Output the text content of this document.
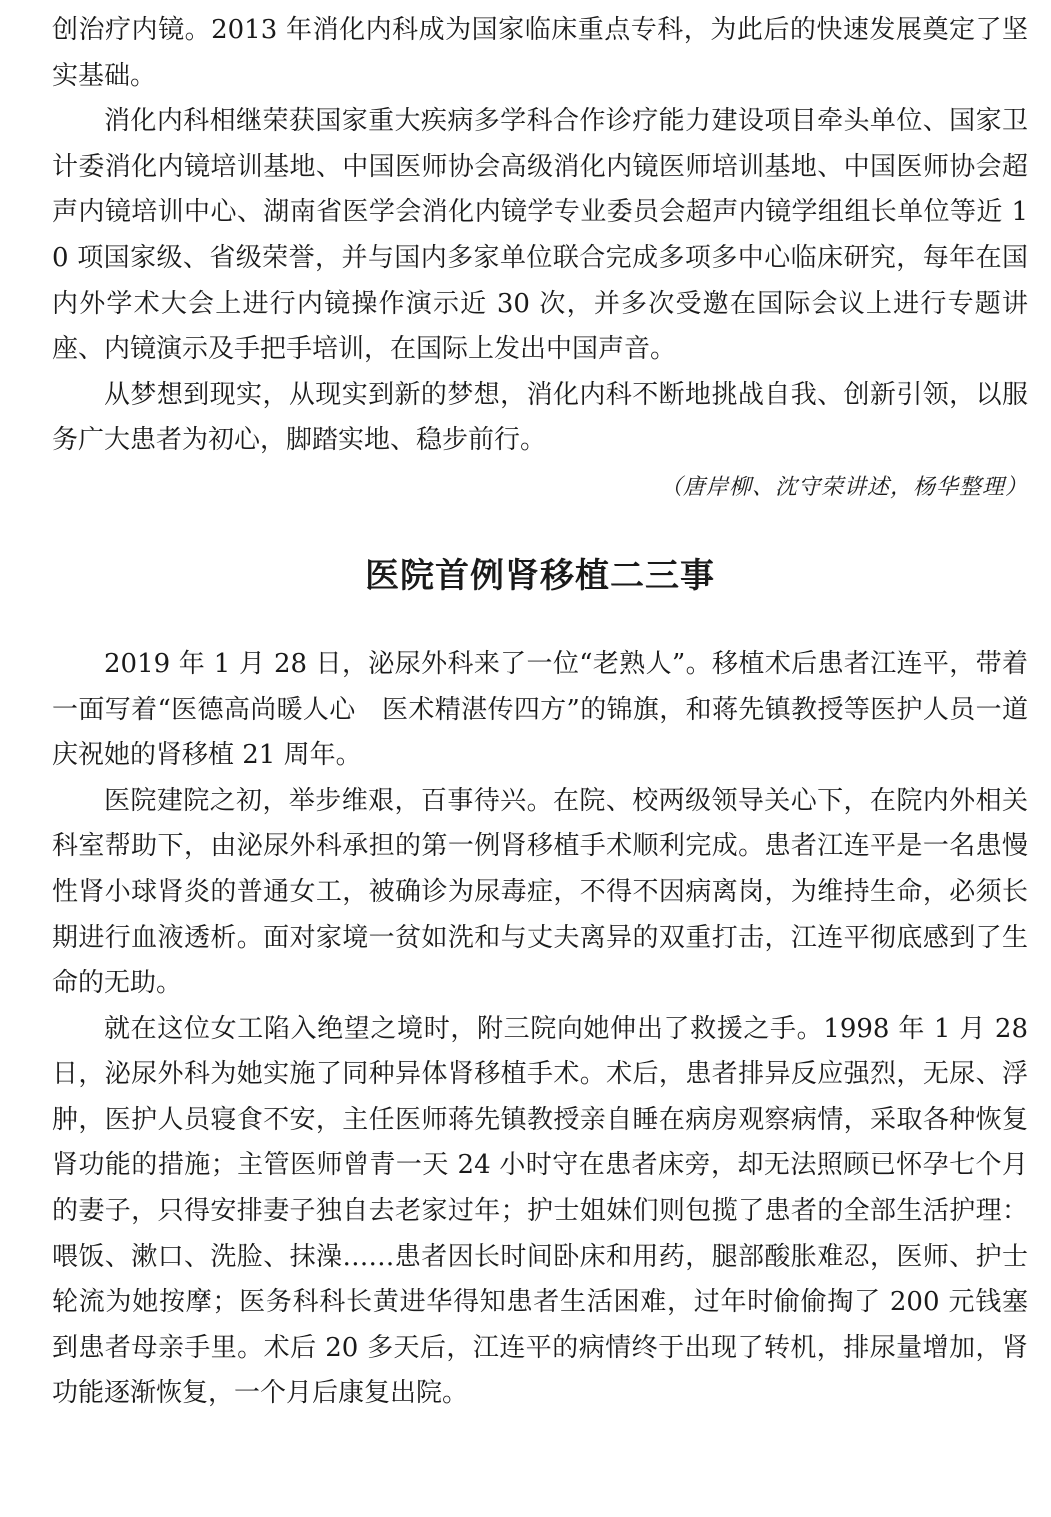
创治疗内镜。2013 年消化内科成为国家临床重点专科，为此后的快速发展奠定了坚实基础。

消化内科相继荣获国家重大疾病多学科合作诊疗能力建设项目牵头单位、国家卫计委消化内镜培训基地、中国医师协会高级消化内镜医师培训基地、中国医师协会超声内镜培训中心、湖南省医学会消化内镜学专业委员会超声内镜学组组长单位等近 10 项国家级、省级荣誉，并与国内多家单位联合完成多项多中心临床研究，每年在国内外学术大会上进行内镜操作演示近 30 次，并多次受邀在国际会议上进行专题讲座、内镜演示及手把手培训，在国际上发出中国声音。

从梦想到现实，从现实到新的梦想，消化内科不断地挑战自我、创新引领，以服务广大患者为初心，脚踏实地、稳步前行。

（唐岸柳、沈守荣讲述，杨华整理）

医院首例肾移植二三事

2019 年 1 月 28 日，泌尿外科来了一位“老熟人”。移植术后患者江连平，带着一面写着“医德高尚暖人心　医术精湛传四方”的锦旗，和蒋先镇教授等医护人员一道庆祝她的肾移植 21 周年。

医院建院之初，举步维艰，百事待兴。在院、校两级领导关心下，在院内外相关科室帮助下，由泌尿外科承担的第一例肾移植手术顺利完成。患者江连平是一名患慢性肾小球肾炎的普通女工，被确诊为尿毒症，不得不因病离岗，为维持生命，必须长期进行血液透析。面对家境一贫如洗和与丈夫离异的双重打击，江连平彻底感到了生命的无助。

就在这位女工陷入绝望之境时，附三院向她伸出了救援之手。1998 年 1 月 28 日，泌尿外科为她实施了同种异体肾移植手术。术后，患者排异反应强烈，无尿、浮肿，医护人员寝食不安，主任医师蒋先镇教授亲自睡在病房观察病情，采取各种恢复肾功能的措施；主管医师曾青一天 24 小时守在患者床旁，却无法照顾已怀孕七个月的妻子，只得安排妻子独自去老家过年；护士姐妹们则包揽了患者的全部生活护理：喂饭、漱口、洗脸、抹澡……患者因长时间卧床和用药，腿部酸胀难忍，医师、护士轮流为她按摩；医务科科长黄进华得知患者生活困难，过年时偷偷掏了 200 元钱塞到患者母亲手里。术后 20 多天后，江连平的病情终于出现了转机，排尿量增加，肾功能逐渐恢复，一个月后康复出院。
